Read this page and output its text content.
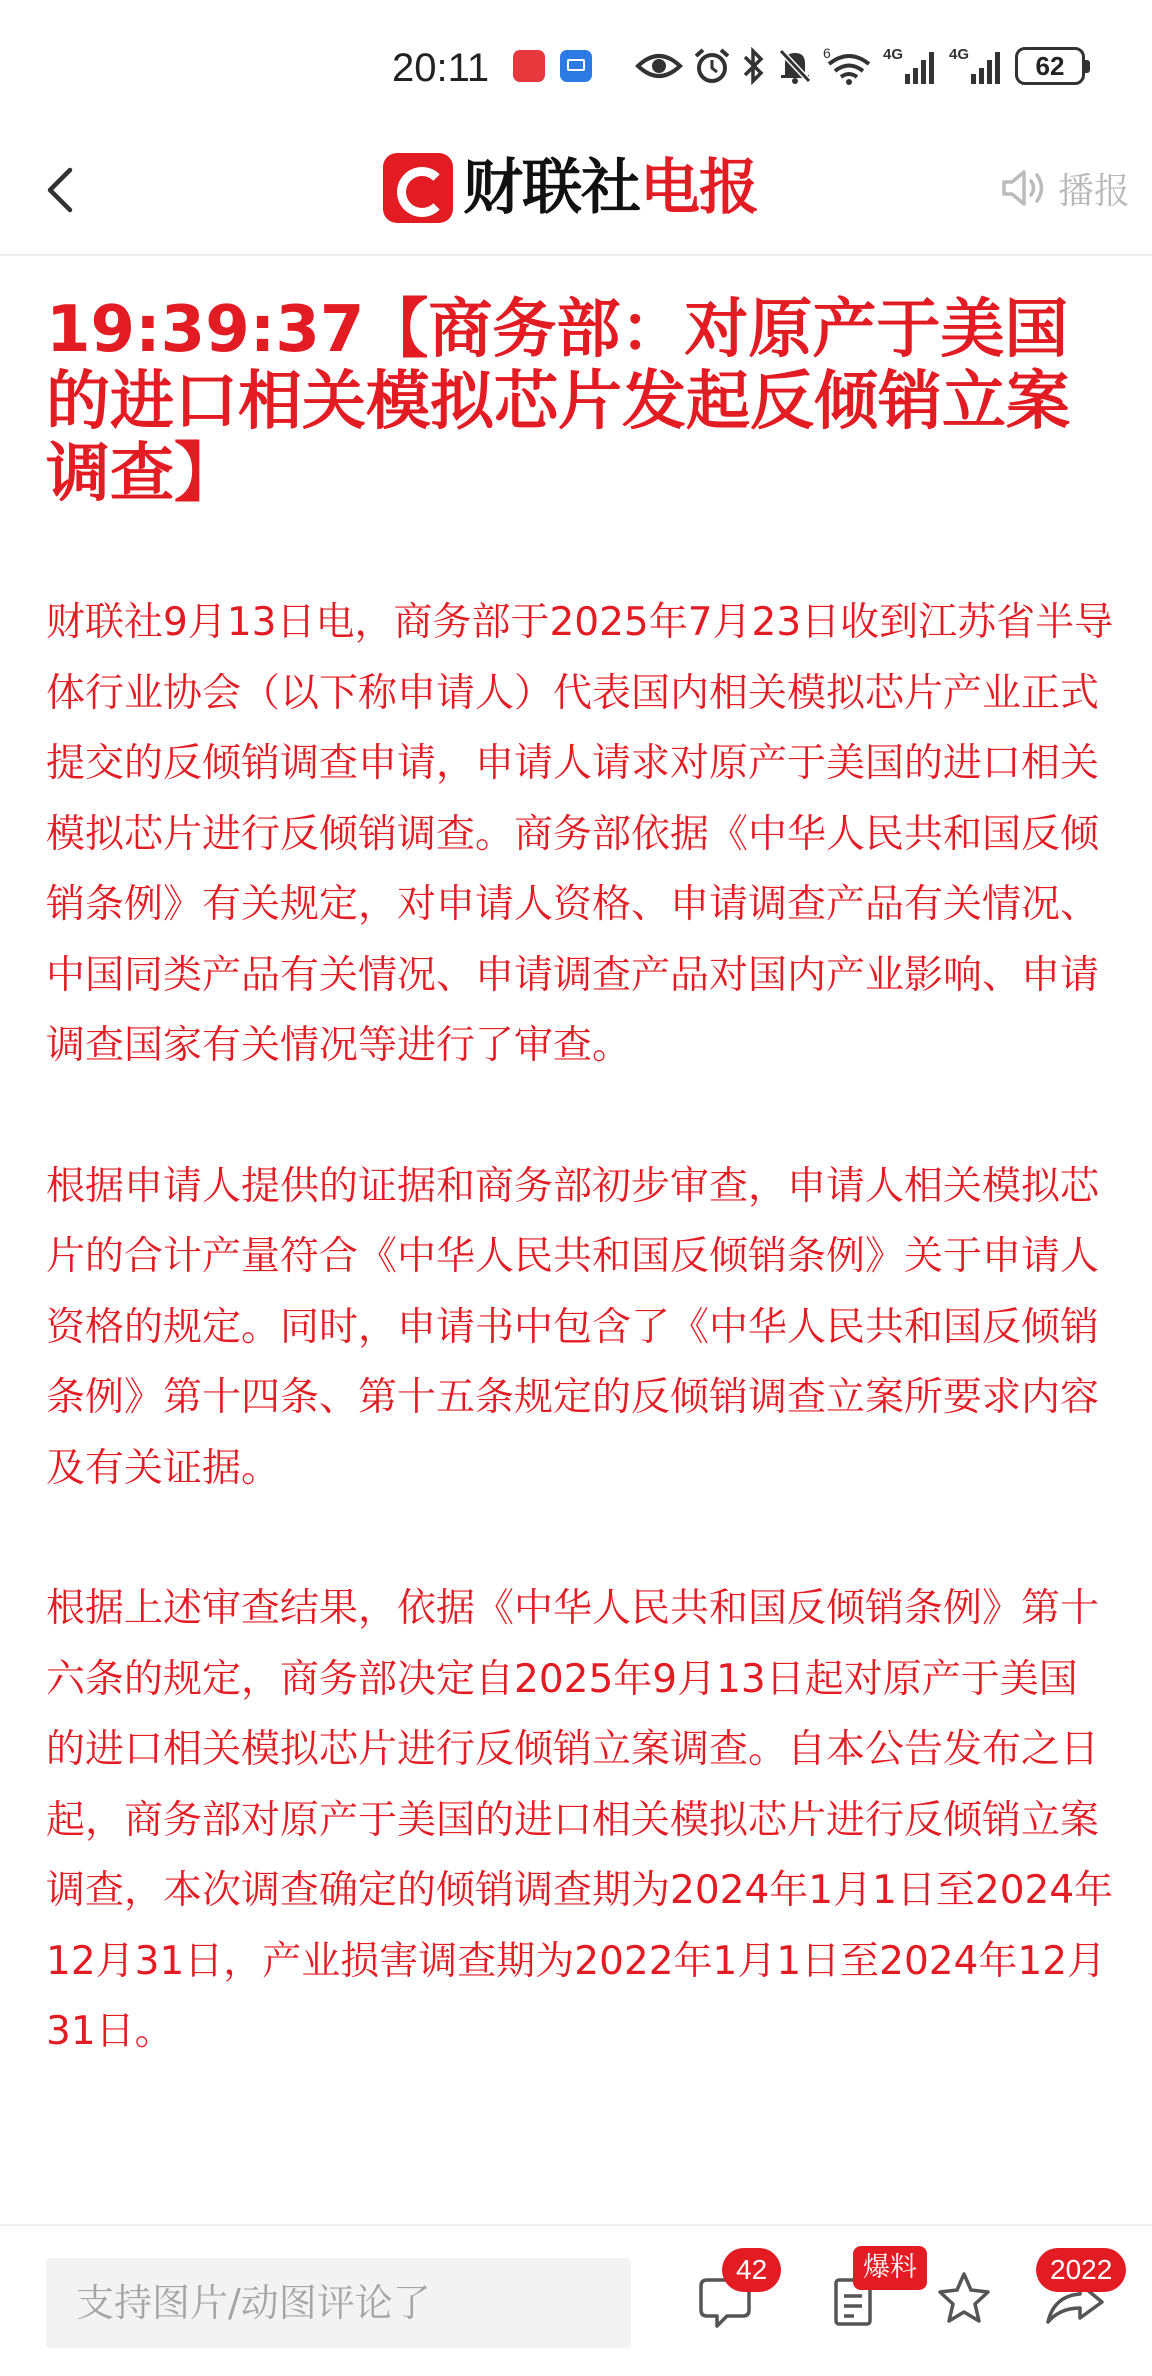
20:11	6	4G	4G	62
财联社电报	播报
19:39:37【商务部：对原产于美国的进口相关模拟芯片发起反倾销立案调查】

财联社9月13日电，商务部于2025年7月23日收到江苏省半导体行业协会（以下称申请人）代表国内相关模拟芯片产业正式提交的反倾销调查申请，申请人请求对原产于美国的进口相关模拟芯片进行反倾销调查。商务部依据《中华人民共和国反倾销条例》有关规定，对申请人资格、申请调查产品有关情况、中国同类产品有关情况、申请调查产品对国内产业影响、申请调查国家有关情况等进行了审查。

根据申请人提供的证据和商务部初步审查，申请人相关模拟芯片的合计产量符合《中华人民共和国反倾销条例》关于申请人资格的规定。同时，申请书中包含了《中华人民共和国反倾销条例》第十四条、第十五条规定的反倾销调查立案所要求内容及有关证据。

根据上述审查结果，依据《中华人民共和国反倾销条例》第十六条的规定，商务部决定自2025年9月13日起对原产于美国的进口相关模拟芯片进行反倾销立案调查。自本公告发布之日起，商务部对原产于美国的进口相关模拟芯片进行反倾销立案调查，本次调查确定的倾销调查期为2024年1月1日至2024年12月31日，产业损害调查期为2022年1月1日至2024年12月31日。

支持图片/动图评论了
42	爆料	2022
